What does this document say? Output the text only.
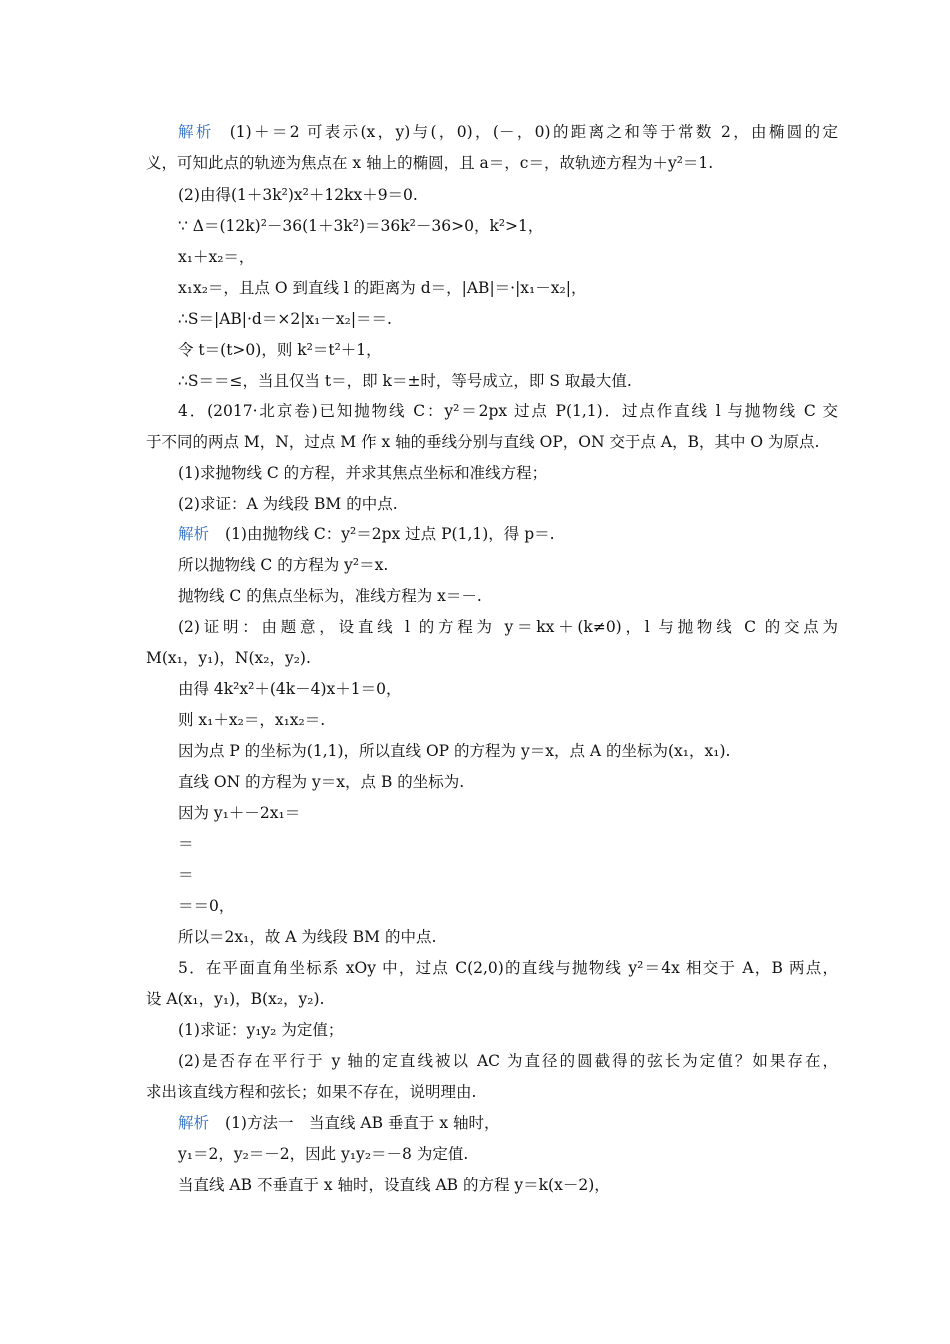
解析 (1)＋＝2 可表示(x，y)与(，0)，(－，0)的距离之和等于常数 2，由椭圆的定
义，可知此点的轨迹为焦点在 x 轴上的椭圆，且 a＝，c＝，故轨迹方程为＋y²＝1.
(2)由得(1＋3k²)x²＋12kx＋9＝0.
∵ Δ＝(12k)²－36(1＋3k²)＝36k²－36>0，k²>1，
x₁＋x₂＝，
x₁x₂＝，且点 O 到直线 l 的距离为 d＝，|AB|＝·|x₁－x₂|，
∴S＝|AB|·d＝×2|x₁－x₂|＝＝.
令 t＝(t>0)，则 k²＝t²＋1，
∴S＝＝≤，当且仅当 t＝，即 k＝±时，等号成立，即 S 取最大值.
4．(2017·北京卷)已知抛物线 C：y²＝2px 过点 P(1,1)．过点作直线 l 与抛物线 C 交
于不同的两点 M，N，过点 M 作 x 轴的垂线分别与直线 OP，ON 交于点 A，B，其中 O 为原点.
(1)求抛物线 C 的方程，并求其焦点坐标和准线方程；
(2)求证：A 为线段 BM 的中点.
解析 (1)由抛物线 C：y²＝2px 过点 P(1,1)，得 p＝.
所以抛物线 C 的方程为 y²＝x.
抛物线 C 的焦点坐标为，准线方程为 x＝－.
(2)证明：由题意，设直线 l 的方程为 y＝kx＋(k≠0)，l 与抛物线 C 的交点为
M(x₁，y₁)，N(x₂，y₂).
由得 4k²x²＋(4k－4)x＋1＝0，
则 x₁＋x₂＝，x₁x₂＝.
因为点 P 的坐标为(1,1)，所以直线 OP 的方程为 y＝x，点 A 的坐标为(x₁，x₁).
直线 ON 的方程为 y＝x，点 B 的坐标为.
因为 y₁＋－2x₁＝
＝
＝
＝＝0，
所以＝2x₁，故 A 为线段 BM 的中点.
5．在平面直角坐标系 xOy 中，过点 C(2,0)的直线与抛物线 y²＝4x 相交于 A，B 两点，
设 A(x₁，y₁)，B(x₂，y₂).
(1)求证：y₁y₂ 为定值；
(2)是否存在平行于 y 轴的定直线被以 AC 为直径的圆截得的弦长为定值？如果存在，
求出该直线方程和弦长；如果不存在，说明理由.
解析 (1)方法一　当直线 AB 垂直于 x 轴时，
y₁＝2，y₂＝－2，因此 y₁y₂＝－8 为定值.
当直线 AB 不垂直于 x 轴时，设直线 AB 的方程 y＝k(x－2)，
